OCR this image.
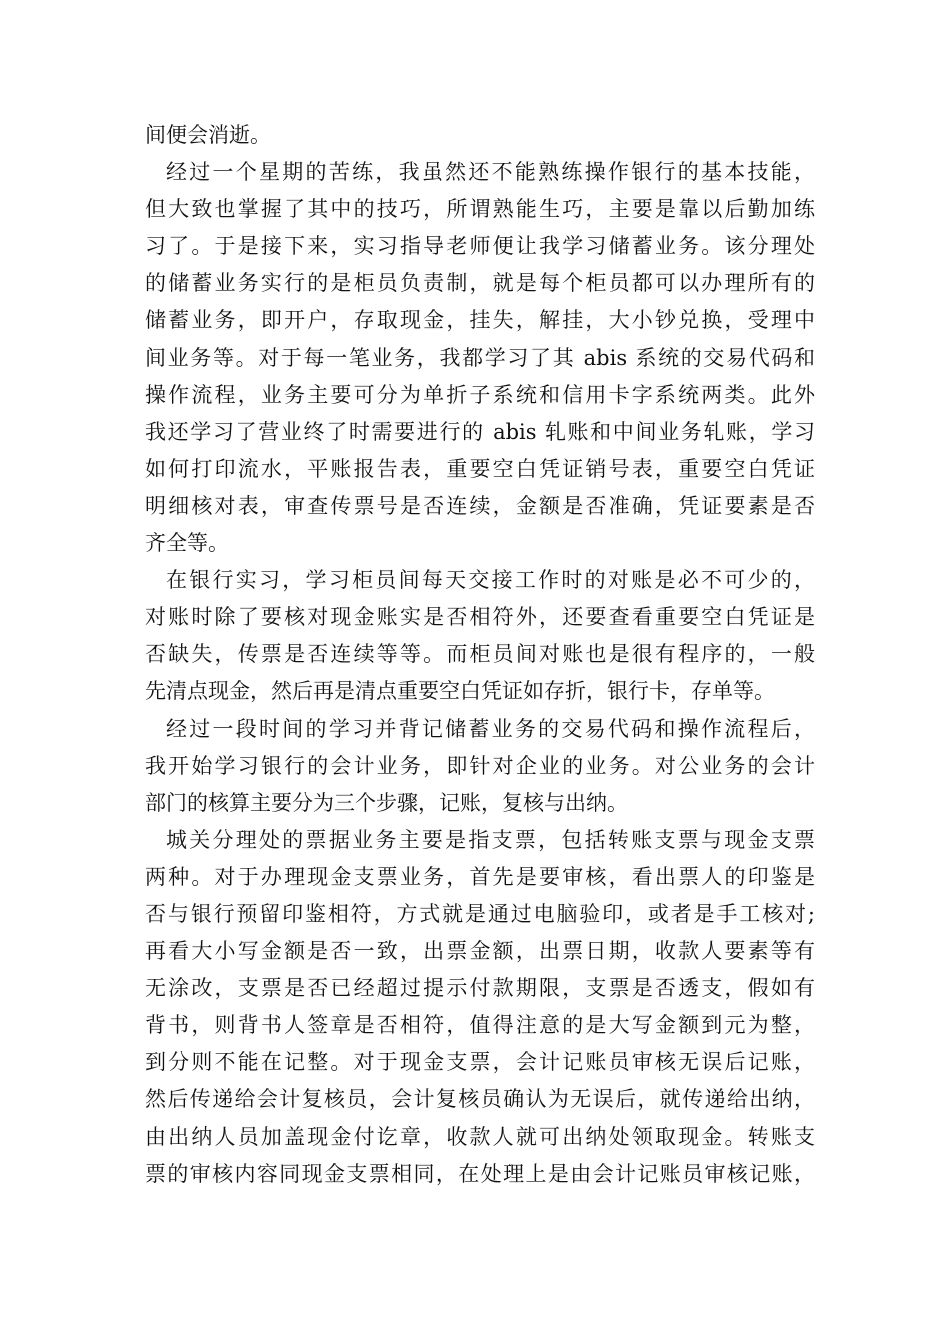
间便会消逝。
经过一个星期的苦练，我虽然还不能熟练操作银行的基本技能，
但大致也掌握了其中的技巧，所谓熟能生巧，主要是靠以后勤加练
习了。于是接下来，实习指导老师便让我学习储蓄业务。该分理处
的储蓄业务实行的是柜员负责制，就是每个柜员都可以办理所有的
储蓄业务，即开户，存取现金，挂失，解挂，大小钞兑换，受理中
间业务等。对于每一笔业务，我都学习了其 abis 系统的交易代码和
操作流程，业务主要可分为单折子系统和信用卡字系统两类。此外
我还学习了营业终了时需要进行的 abis 轧账和中间业务轧账，学习
如何打印流水，平账报告表，重要空白凭证销号表，重要空白凭证
明细核对表，审查传票号是否连续，金额是否准确，凭证要素是否
齐全等。
在银行实习，学习柜员间每天交接工作时的对账是必不可少的，
对账时除了要核对现金账实是否相符外，还要查看重要空白凭证是
否缺失，传票是否连续等等。而柜员间对账也是很有程序的，一般
先清点现金，然后再是清点重要空白凭证如存折，银行卡，存单等。
经过一段时间的学习并背记储蓄业务的交易代码和操作流程后，
我开始学习银行的会计业务，即针对企业的业务。对公业务的会计
部门的核算主要分为三个步骤，记账，复核与出纳。
城关分理处的票据业务主要是指支票，包括转账支票与现金支票
两种。对于办理现金支票业务，首先是要审核，看出票人的印鉴是
否与银行预留印鉴相符，方式就是通过电脑验印，或者是手工核对;
再看大小写金额是否一致，出票金额，出票日期，收款人要素等有
无涂改，支票是否已经超过提示付款期限，支票是否透支，假如有
背书，则背书人签章是否相符，值得注意的是大写金额到元为整，
到分则不能在记整。对于现金支票，会计记账员审核无误后记账，
然后传递给会计复核员，会计复核员确认为无误后，就传递给出纳，
由出纳人员加盖现金付讫章，收款人就可出纳处领取现金。转账支
票的审核内容同现金支票相同，在处理上是由会计记账员审核记账，
